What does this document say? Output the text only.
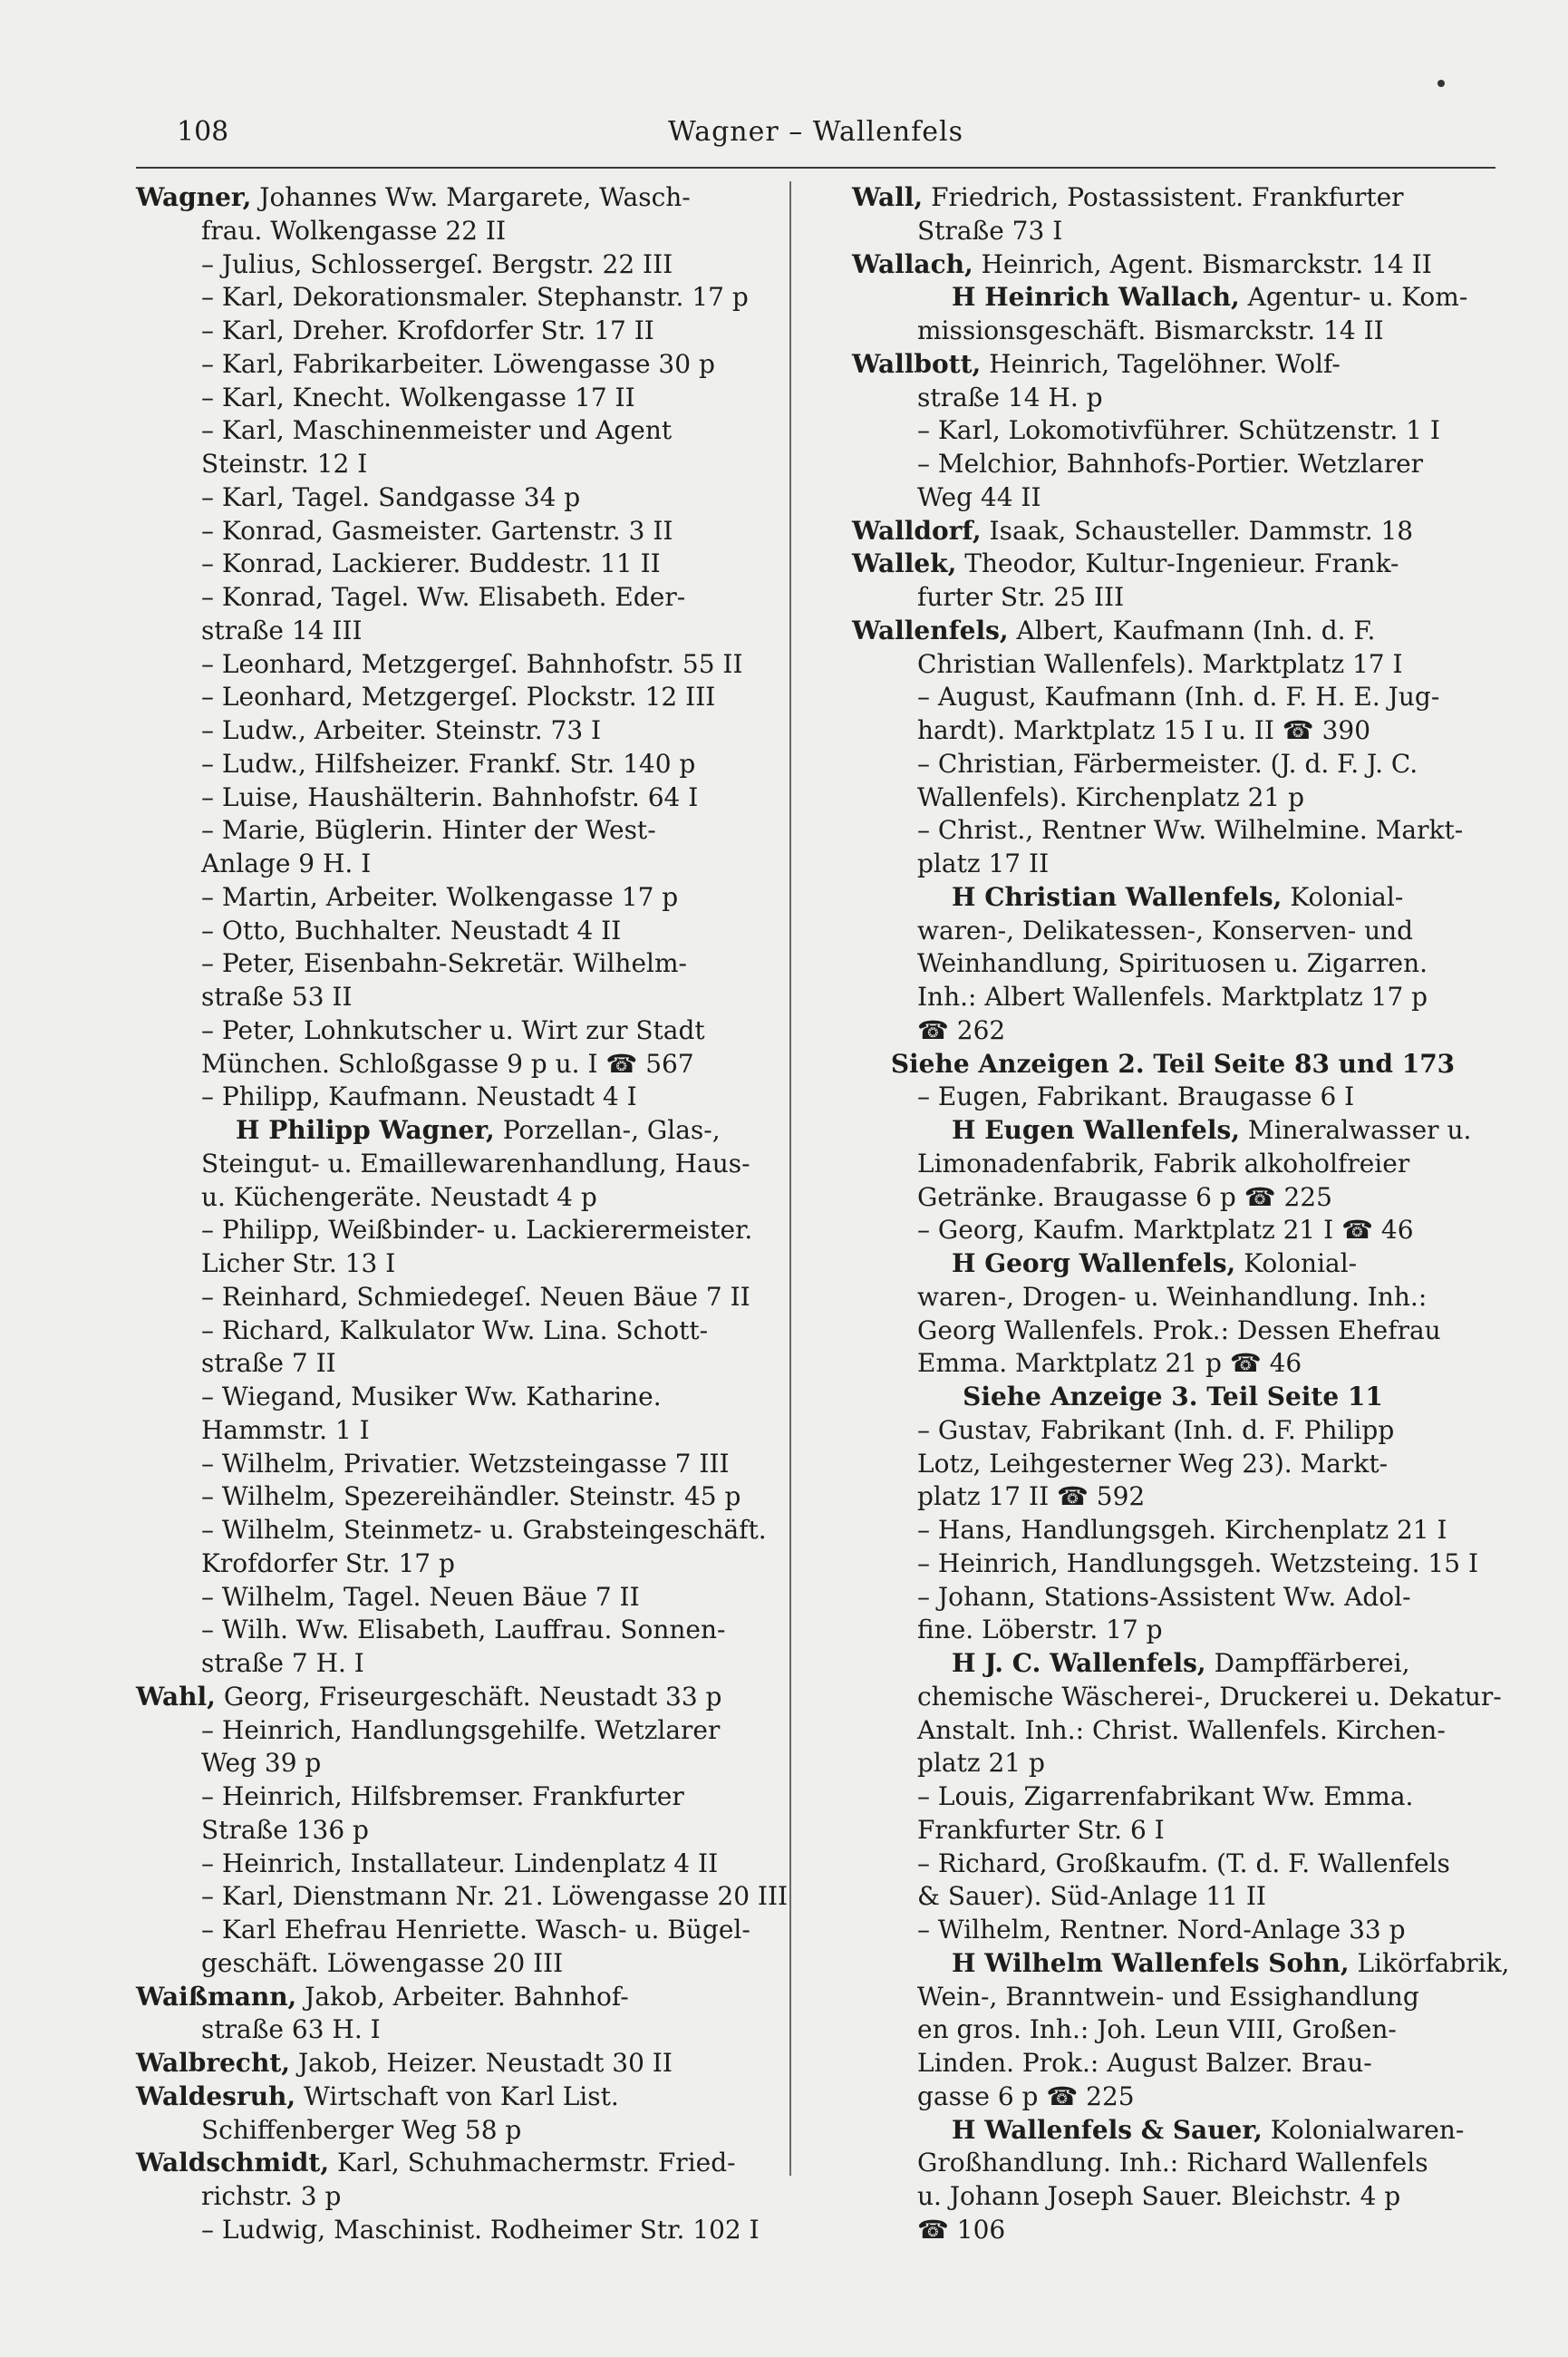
108	Wagner – Wallenfels
Wagner, Johannes Ww. Margarete, Wasch-
frau. Wolkengasse 22 II
– Julius, Schlossergeſ. Bergstr. 22 III
– Karl, Dekorationsmaler. Stephanstr. 17 p
– Karl, Dreher. Krofdorfer Str. 17 II
– Karl, Fabrikarbeiter. Löwengasse 30 p
– Karl, Knecht. Wolkengasse 17 II
– Karl, Maschinenmeister und Agent
Steinstr. 12 I
– Karl, Tagel. Sandgasse 34 p
– Konrad, Gasmeister. Gartenstr. 3 II
– Konrad, Lackierer. Buddestr. 11 II
– Konrad, Tagel. Ww. Elisabeth. Eder-
straße 14 III
– Leonhard, Metzgergeſ. Bahnhofstr. 55 II
– Leonhard, Metzgergeſ. Plockstr. 12 III
– Ludw., Arbeiter. Steinstr. 73 I
– Ludw., Hilfsheizer. Frankf. Str. 140 p
– Luise, Haushälterin. Bahnhofstr. 64 I
– Marie, Büglerin. Hinter der West-
Anlage 9 H. I
– Martin, Arbeiter. Wolkengasse 17 p
– Otto, Buchhalter. Neustadt 4 II
– Peter, Eisenbahn-Sekretär. Wilhelm-
straße 53 II
– Peter, Lohnkutscher u. Wirt zur Stadt
München. Schloßgasse 9 p u. I ☎ 567
– Philipp, Kaufmann. Neustadt 4 I
H Philipp Wagner, Porzellan-, Glas-,
Steingut- u. Emaillewarenhandlung, Haus-
u. Küchengeräte. Neustadt 4 p
– Philipp, Weißbinder- u. Lackierermeister.
Licher Str. 13 I
– Reinhard, Schmiedegeſ. Neuen Bäue 7 II
– Richard, Kalkulator Ww. Lina. Schott-
straße 7 II
– Wiegand, Musiker Ww. Katharine.
Hammstr. 1 I
– Wilhelm, Privatier. Wetzsteingasse 7 III
– Wilhelm, Spezereihändler. Steinstr. 45 p
– Wilhelm, Steinmetz- u. Grabsteingeschäft.
Krofdorfer Str. 17 p
– Wilhelm, Tagel. Neuen Bäue 7 II
– Wilh. Ww. Elisabeth, Lauffrau. Sonnen-
straße 7 H. I
Wahl, Georg, Friseurgeschäft. Neustadt 33 p
– Heinrich, Handlungsgehilfe. Wetzlarer
Weg 39 p
– Heinrich, Hilfsbremser. Frankfurter
Straße 136 p
– Heinrich, Installateur. Lindenplatz 4 II
– Karl, Dienstmann Nr. 21. Löwengasse 20 III
– Karl Ehefrau Henriette. Wasch- u. Bügel-
geschäft. Löwengasse 20 III
Waißmann, Jakob, Arbeiter. Bahnhof-
straße 63 H. I
Walbrecht, Jakob, Heizer. Neustadt 30 II
Waldesruh, Wirtschaft von Karl List.
Schiffenberger Weg 58 p
Waldschmidt, Karl, Schuhmachermstr. Fried-
richstr. 3 p
– Ludwig, Maschinist. Rodheimer Str. 102 I
Wall, Friedrich, Postassistent. Frankfurter
Straße 73 I
Wallach, Heinrich, Agent. Bismarckstr. 14 II
H Heinrich Wallach, Agentur- u. Kom-
missionsgeschäft. Bismarckstr. 14 II
Wallbott, Heinrich, Tagelöhner. Wolf-
straße 14 H. p
– Karl, Lokomotivführer. Schützenstr. 1 I
– Melchior, Bahnhofs-Portier. Wetzlarer
Weg 44 II
Walldorf, Isaak, Schausteller. Dammstr. 18
Wallek, Theodor, Kultur-Ingenieur. Frank-
furter Str. 25 III
Wallenfels, Albert, Kaufmann (Inh. d. F.
Christian Wallenfels). Marktplatz 17 I
– August, Kaufmann (Inh. d. F. H. E. Jug-
hardt). Marktplatz 15 I u. II ☎ 390
– Christian, Färbermeister. (J. d. F. J. C.
Wallenfels). Kirchenplatz 21 p
– Christ., Rentner Ww. Wilhelmine. Markt-
platz 17 II
H Christian Wallenfels, Kolonial-
waren-, Delikatessen-, Konserven- und
Weinhandlung, Spirituosen u. Zigarren.
Inh.: Albert Wallenfels. Marktplatz 17 p
☎ 262
Siehe Anzeigen 2. Teil Seite 83 und 173
– Eugen, Fabrikant. Braugasse 6 I
H Eugen Wallenfels, Mineralwasser u.
Limonadenfabrik, Fabrik alkoholfreier
Getränke. Braugasse 6 p ☎ 225
– Georg, Kaufm. Marktplatz 21 I ☎ 46
H Georg Wallenfels, Kolonial-
waren-, Drogen- u. Weinhandlung. Inh.:
Georg Wallenfels. Prok.: Dessen Ehefrau
Emma. Marktplatz 21 p ☎ 46
Siehe Anzeige 3. Teil Seite 11
– Gustav, Fabrikant (Inh. d. F. Philipp
Lotz, Leihgesterner Weg 23). Markt-
platz 17 II ☎ 592
– Hans, Handlungsgeh. Kirchenplatz 21 I
– Heinrich, Handlungsgeh. Wetzsteing. 15 I
– Johann, Stations-Assistent Ww. Adol-
fine. Löberstr. 17 p
H J. C. Wallenfels, Dampffärberei,
chemische Wäscherei-, Druckerei u. Dekatur-
Anstalt. Inh.: Christ. Wallenfels. Kirchen-
platz 21 p
– Louis, Zigarrenfabrikant Ww. Emma.
Frankfurter Str. 6 I
– Richard, Großkaufm. (T. d. F. Wallenfels
& Sauer). Süd-Anlage 11 II
– Wilhelm, Rentner. Nord-Anlage 33 p
H Wilhelm Wallenfels Sohn, Likörfabrik,
Wein-, Branntwein- und Essighandlung
en gros. Inh.: Joh. Leun VIII, Großen-
Linden. Prok.: August Balzer. Brau-
gasse 6 p ☎ 225
H Wallenfels & Sauer, Kolonialwaren-
Großhandlung. Inh.: Richard Wallenfels
u. Johann Joseph Sauer. Bleichstr. 4 p
☎ 106
